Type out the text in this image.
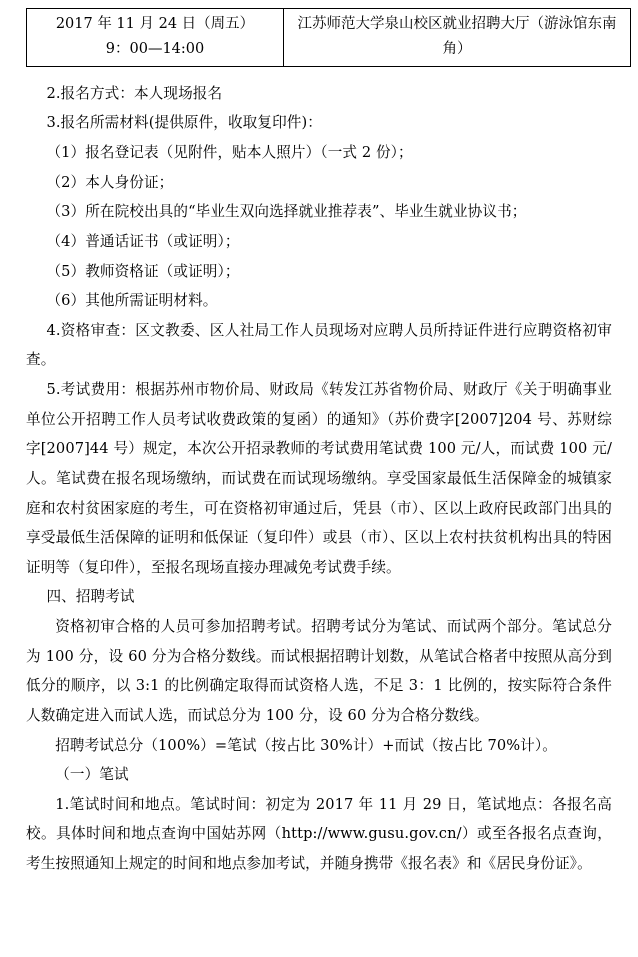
2017 年 11 月 24 日（周五）
9：00—14:00
	江苏师范大学泉山校区就业招聘大厅（游泳馆东南角）

2.报名方式：本人现场报名

3.报名所需材料(提供原件，收取复印件)：

（1）报名登记表（见附件，贴本人照片）（一式 2 份）；

（2）本人身份证；

（3）所在院校出具的“毕业生双向选择就业推荐表”、毕业生就业协议书；

（4）普通话证书（或证明）；

（5）教师资格证（或证明）；

（6）其他所需证明材料。

4.资格审查：区文教委、区人社局工作人员现场对应聘人员所持证件进行应聘资格初审查。

5.考试费用：根据苏州市物价局、财政局《转发江苏省物价局、财政厅《关于明确事业单位公开招聘工作人员考试收费政策的复函）的通知》（苏价费字[2007]204 号、苏财综字[2007]44 号）规定，本次公开招录教师的考试费用笔试费 100 元/人，而试费 100 元/人。笔试费在报名现场缴纳，而试费在而试现场缴纳。享受国家最低生活保障金的城镇家庭和农村贫困家庭的考生，可在资格初审通过后，凭县（市）、区以上政府民政部门出具的享受最低生活保障的证明和低保证（复印件）或县（市）、区以上农村扶贫机构出具的特困证明等（复印件），至报名现场直接办理减免考试费手续。

四、招聘考试

资格初审合格的人员可参加招聘考试。招聘考试分为笔试、而试两个部分。笔试总分为 100 分，设 60 分为合格分数线。而试根据招聘计划数，从笔试合格者中按照从高分到低分的顺序，以 3:1 的比例确定取得而试资格人选，不足 3：1 比例的，按实际符合条件人数确定进入而试人选，而试总分为 100 分，设 60 分为合格分数线。

招聘考试总分（100%）=笔试（按占比 30%计）+而试（按占比 70%计）。

（一）笔试

1.笔试时间和地点。笔试时间：初定为 2017 年 11 月 29 日，笔试地点：各报名高校。具体时间和地点查询中国姑苏网（http://www.gusu.gov.cn/）或至各报名点查询，考生按照通知上规定的时间和地点参加考试，并随身携带《报名表》和《居民身份证》。
